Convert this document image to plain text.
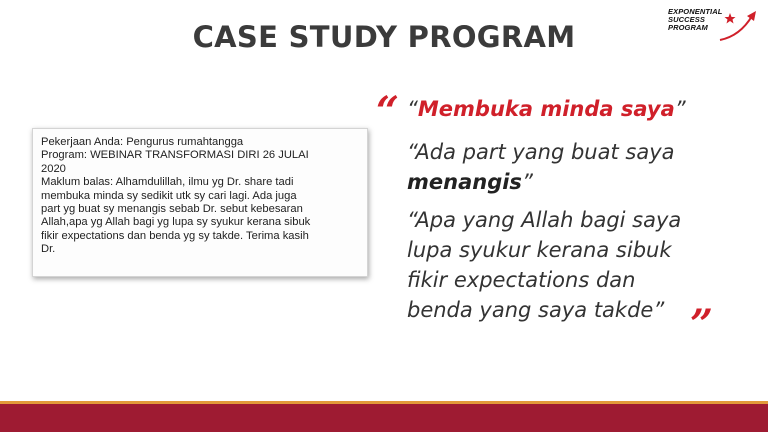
CASE STUDY PROGRAM
EXPONENTIAL
SUCCESS
PROGRAM
Pekerjaan Anda: Pengurus rumahtangga
Program: WEBINAR TRANSFORMASI DIRI 26 JULAI
2020
Maklum balas: Alhamdulillah, ilmu yg Dr. share tadi
membuka minda sy sedikit utk sy cari lagi. Ada juga
part yg buat sy menangis sebab Dr. sebut kebesaran
Allah,apa yg Allah bagi yg lupa sy syukur kerana sibuk
fikir expectations dan benda yg sy takde. Terima kasih
Dr.
“
”

“Membuka minda saya”

“Ada part yang buat saya menangis”

“Apa yang Allah bagi saya
lupa syukur kerana sibuk
fikir expectations dan
benda yang saya takde”
